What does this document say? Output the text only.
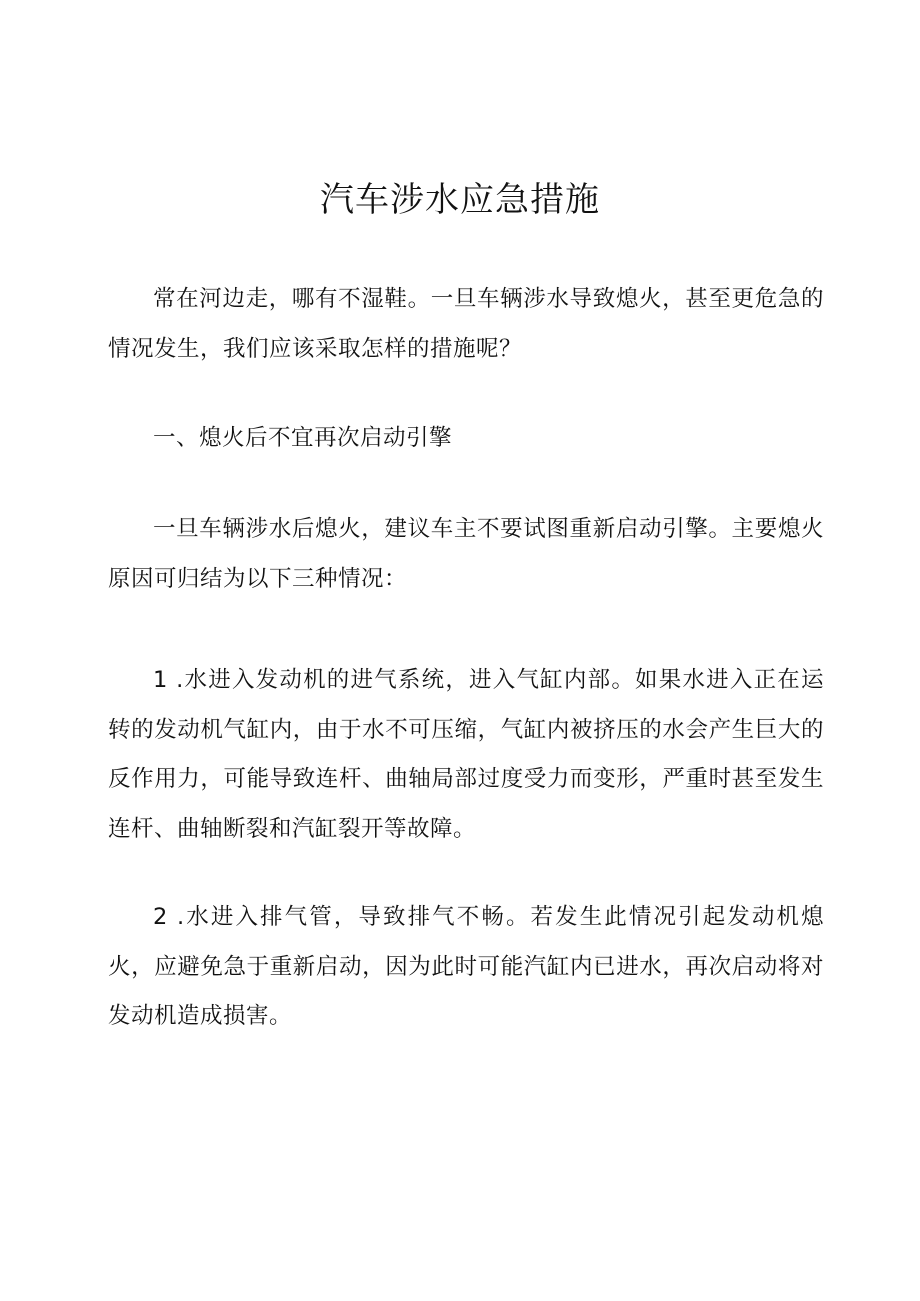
汽车涉水应急措施

常在河边走，哪有不湿鞋。一旦车辆涉水导致熄火，甚至更危急的情况发生，我们应该采取怎样的措施呢？

一、熄火后不宜再次启动引擎

一旦车辆涉水后熄火，建议车主不要试图重新启动引擎。主要熄火原因可归结为以下三种情况：

1 .水进入发动机的进气系统，进入气缸内部。如果水进入正在运转的发动机气缸内，由于水不可压缩，气缸内被挤压的水会产生巨大的反作用力，可能导致连杆、曲轴局部过度受力而变形，严重时甚至发生连杆、曲轴断裂和汽缸裂开等故障。

2 .水进入排气管，导致排气不畅。若发生此情况引起发动机熄火，应避免急于重新启动，因为此时可能汽缸内已进水，再次启动将对发动机造成损害。
